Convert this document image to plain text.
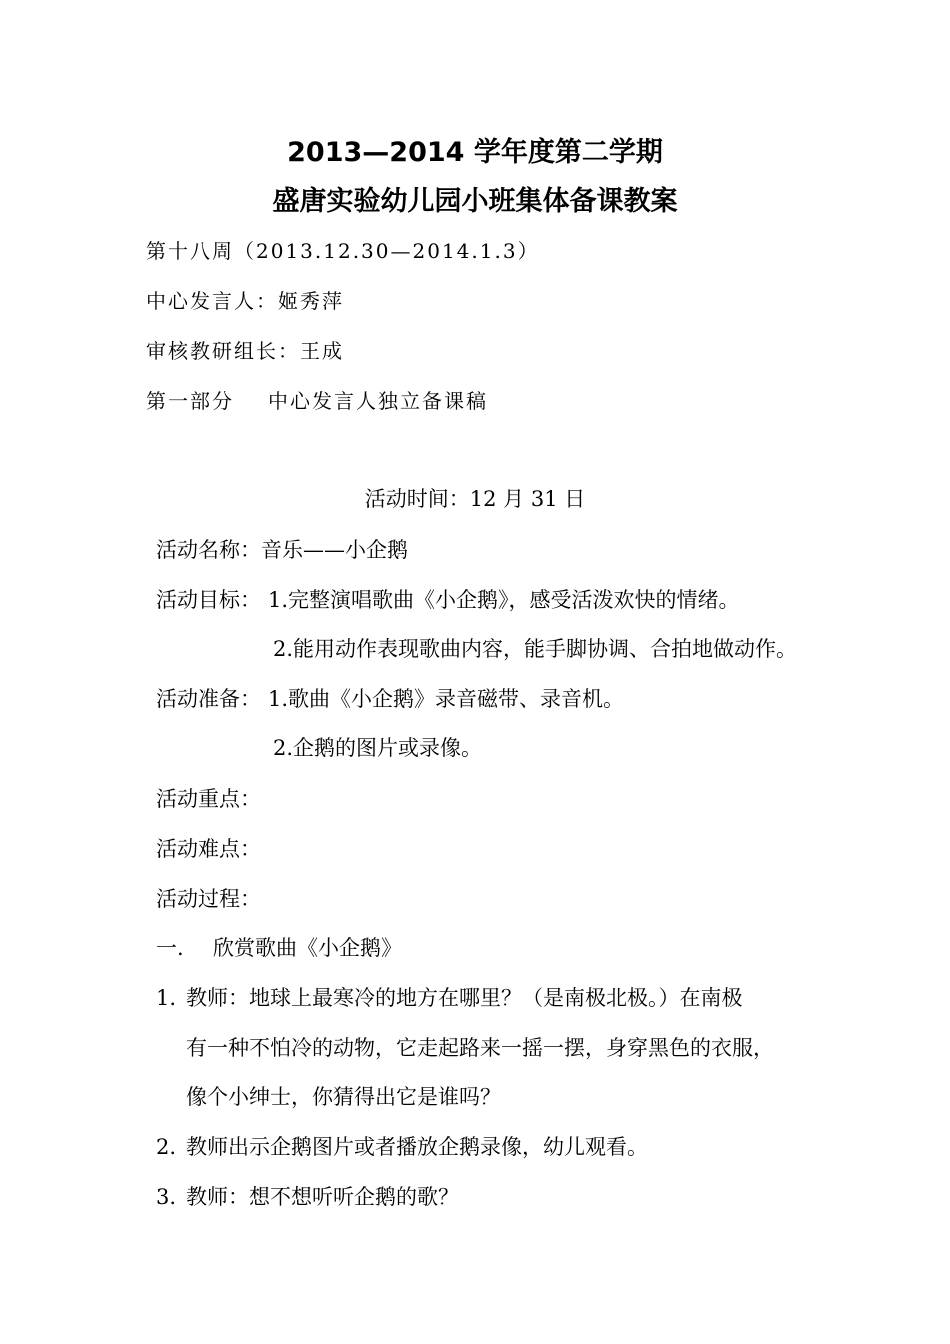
2013—2014 学年度第二学期
盛唐实验幼儿园小班集体备课教案
第十八周（2013.12.30—2014.1.3）
中心发言人：姬秀萍
审核教研组长：王成
第一部分 中心发言人独立备课稿
活动时间：12 月 31 日
活动名称：音乐——小企鹅
活动目标： 1.完整演唱歌曲《小企鹅》，感受活泼欢快的情绪。
2.能用动作表现歌曲内容，能手脚协调、合拍地做动作。
活动准备： 1.歌曲《小企鹅》录音磁带、录音机。
2.企鹅的图片或录像。
活动重点：
活动难点：
活动过程：
一. 欣赏歌曲《小企鹅》
1. 教师：地球上最寒冷的地方在哪里？（是南极北极。）在南极
有一种不怕冷的动物，它走起路来一摇一摆，身穿黑色的衣服，
像个小绅士，你猜得出它是谁吗？
2. 教师出示企鹅图片或者播放企鹅录像，幼儿观看。
3. 教师：想不想听听企鹅的歌？
